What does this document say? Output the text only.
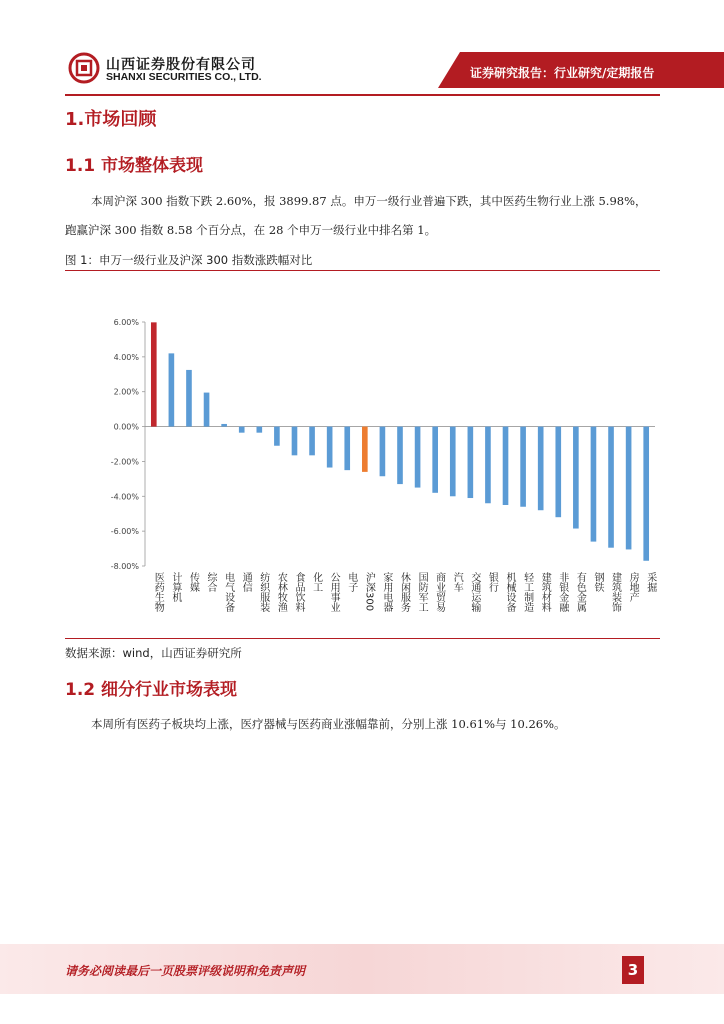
山西证券股份有限公司
SHANXI SECURITIES CO., LTD.	证券研究报告：行业研究/定期报告
1.市场回顾
1.1 市场整体表现
本周沪深 300 指数下跌 2.60%，报 3899.87 点。申万一级行业普遍下跌，其中医药生物行业上涨 5.98%，
跑赢沪深 300 指数 8.58 个百分点，在 28 个申万一级行业中排名第 1。
图 1：申万一级行业及沪深 300 指数涨跌幅对比
6.00%
4.00%
2.00%
0.00%
-2.00%
-4.00%
-6.00%
-8.00%
医药生物 计算机 传媒 综合 电气设备 通信 纺织服装 农林牧渔 食品饮料 化工 公用事业 电子 沪深300 家用电器 休闲服务 国防军工 商业贸易 汽车 交通运输 银行 机械设备 轻工制造 建筑材料 非银金融 有色金属 钢铁 建筑装饰 房地产 采掘
数据来源：wind，山西证券研究所
1.2 细分行业市场表现
本周所有医药子板块均上涨，医疗器械与医药商业涨幅靠前，分别上涨 10.61%与 10.26%。
请务必阅读最后一页股票评级说明和免责声明	3
